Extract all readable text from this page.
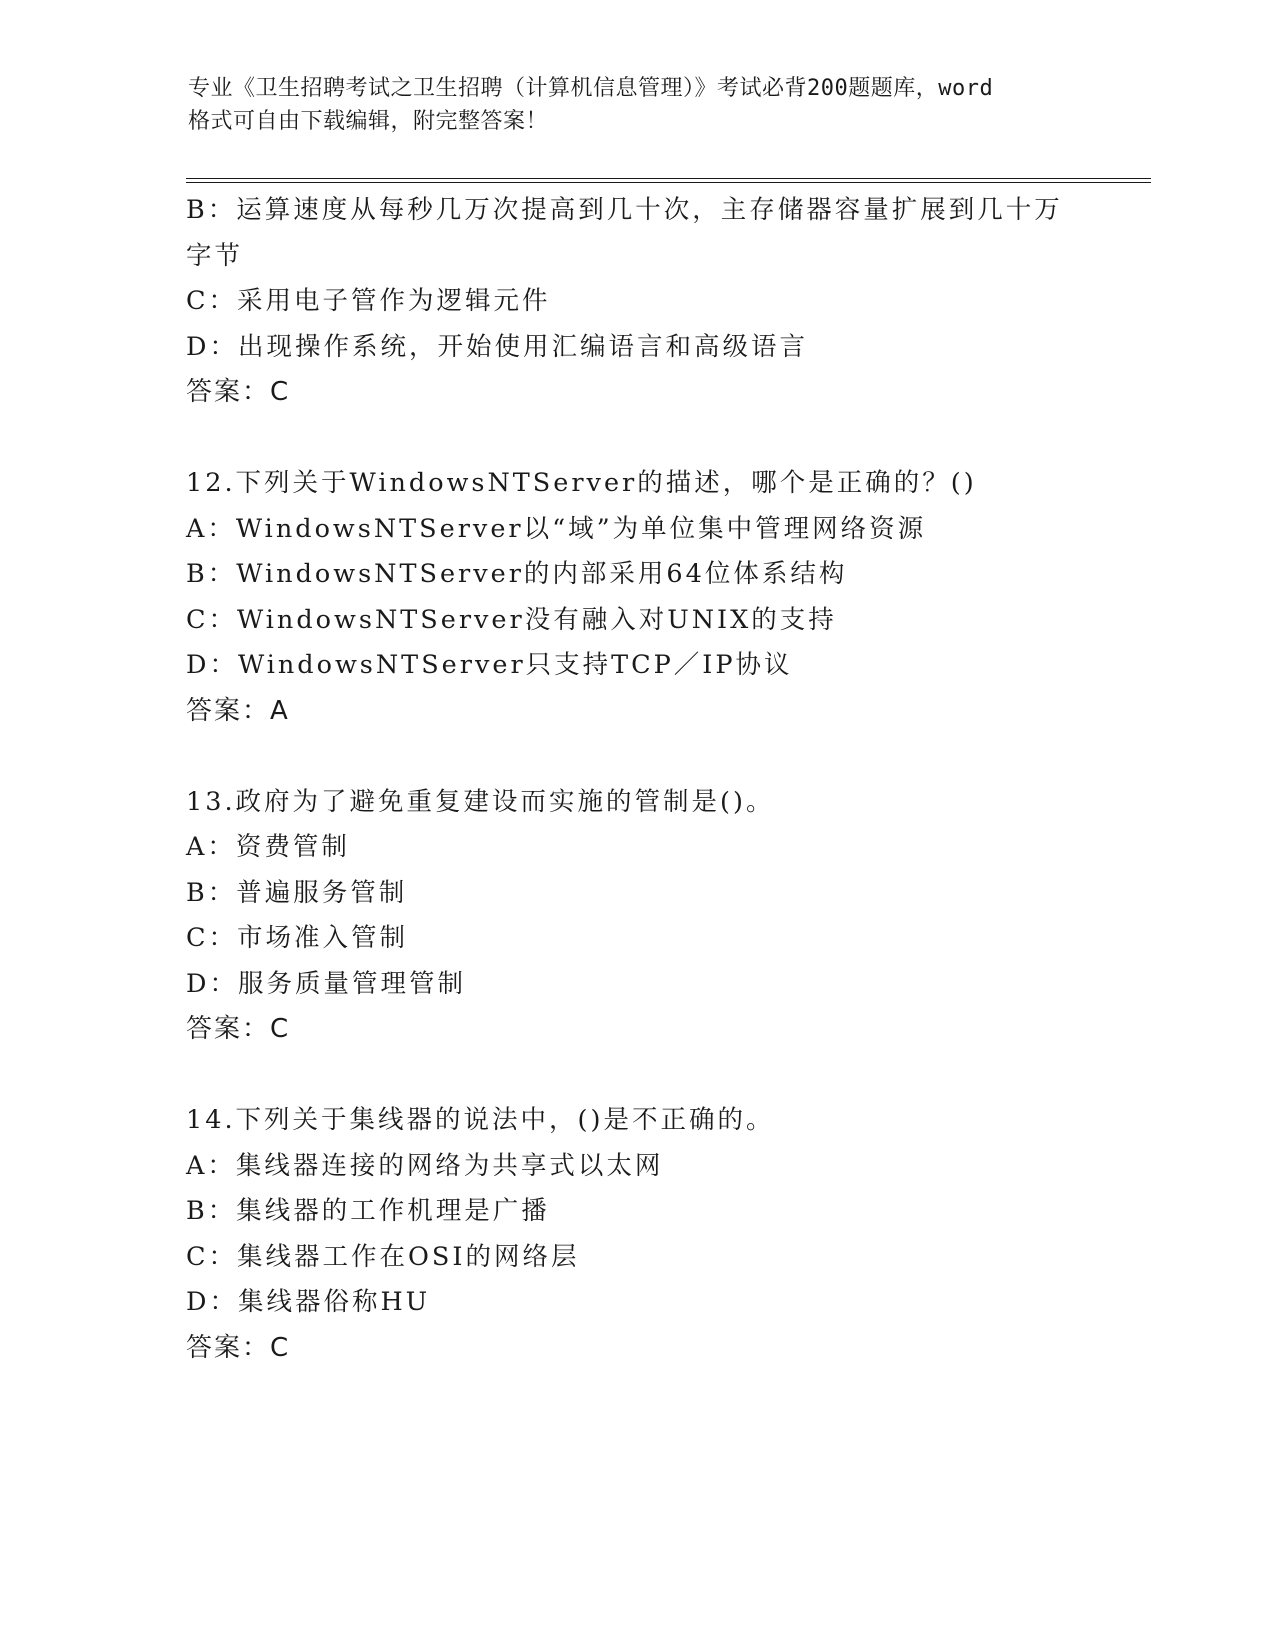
专业《卫生招聘考试之卫生招聘（计算机信息管理）》考试必背200题题库，word
格式可自由下载编辑，附完整答案！

B：运算速度从每秒几万次提高到几十次，主存储器容量扩展到几十万

字节

C：采用电子管作为逻辑元件

D：出现操作系统，开始使用汇编语言和高级语言

答案：C

12.下列关于WindowsNTServer的描述，哪个是正确的？()

A：WindowsNTServer以“域”为单位集中管理网络资源

B：WindowsNTServer的内部采用64位体系结构

C：WindowsNTServer没有融入对UNIX的支持

D：WindowsNTServer只支持TCP／IP协议

答案：A

13.政府为了避免重复建设而实施的管制是()。

A：资费管制

B：普遍服务管制

C：市场准入管制

D：服务质量管理管制

答案：C

14.下列关于集线器的说法中，()是不正确的。

A：集线器连接的网络为共享式以太网

B：集线器的工作机理是广播

C：集线器工作在OSI的网络层

D：集线器俗称HU

答案：C
